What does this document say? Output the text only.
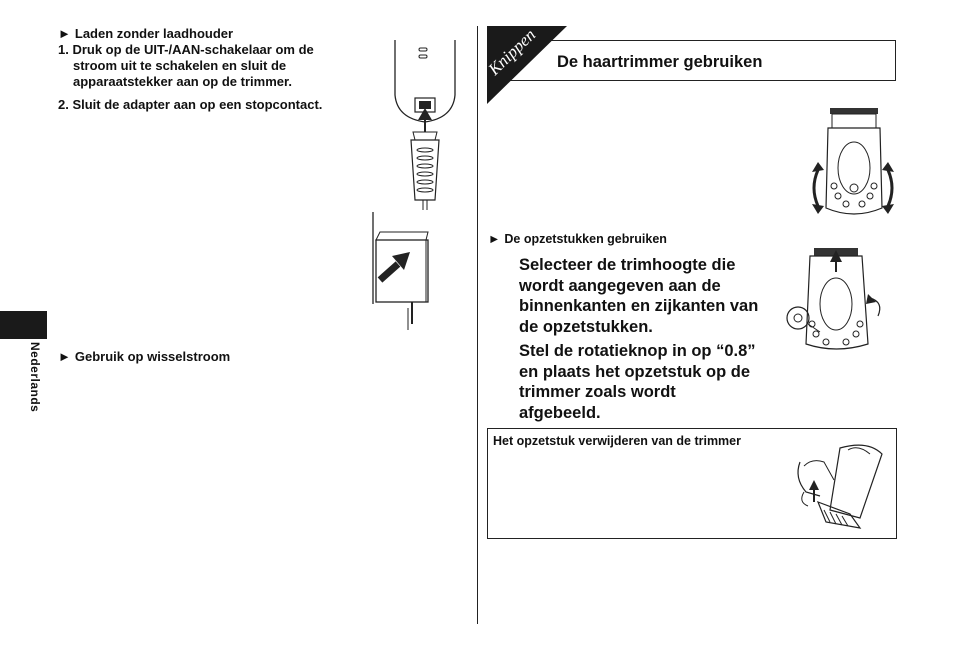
► Laden zonder laadhouder
1. Druk op de UIT-/AAN-schakelaar om de
stroom uit te schakelen en sluit de
apparaatstekker aan op de trimmer.
2. Sluit de adapter aan op een stopcontact.
Nederlands ► Gebruik op wisselstroom
Knippen De haartrimmer gebruiken
► De opzetstukken gebruiken
Selecteer de trimhoogte die
wordt aangegeven aan de
binnenkanten en zijkanten van
de opzetstukken.
Stel de rotatieknop in op “0.8”
en plaats het opzetstuk op de
trimmer zoals wordt
afgebeeld.
Het opzetstuk verwijderen van de trimmer
